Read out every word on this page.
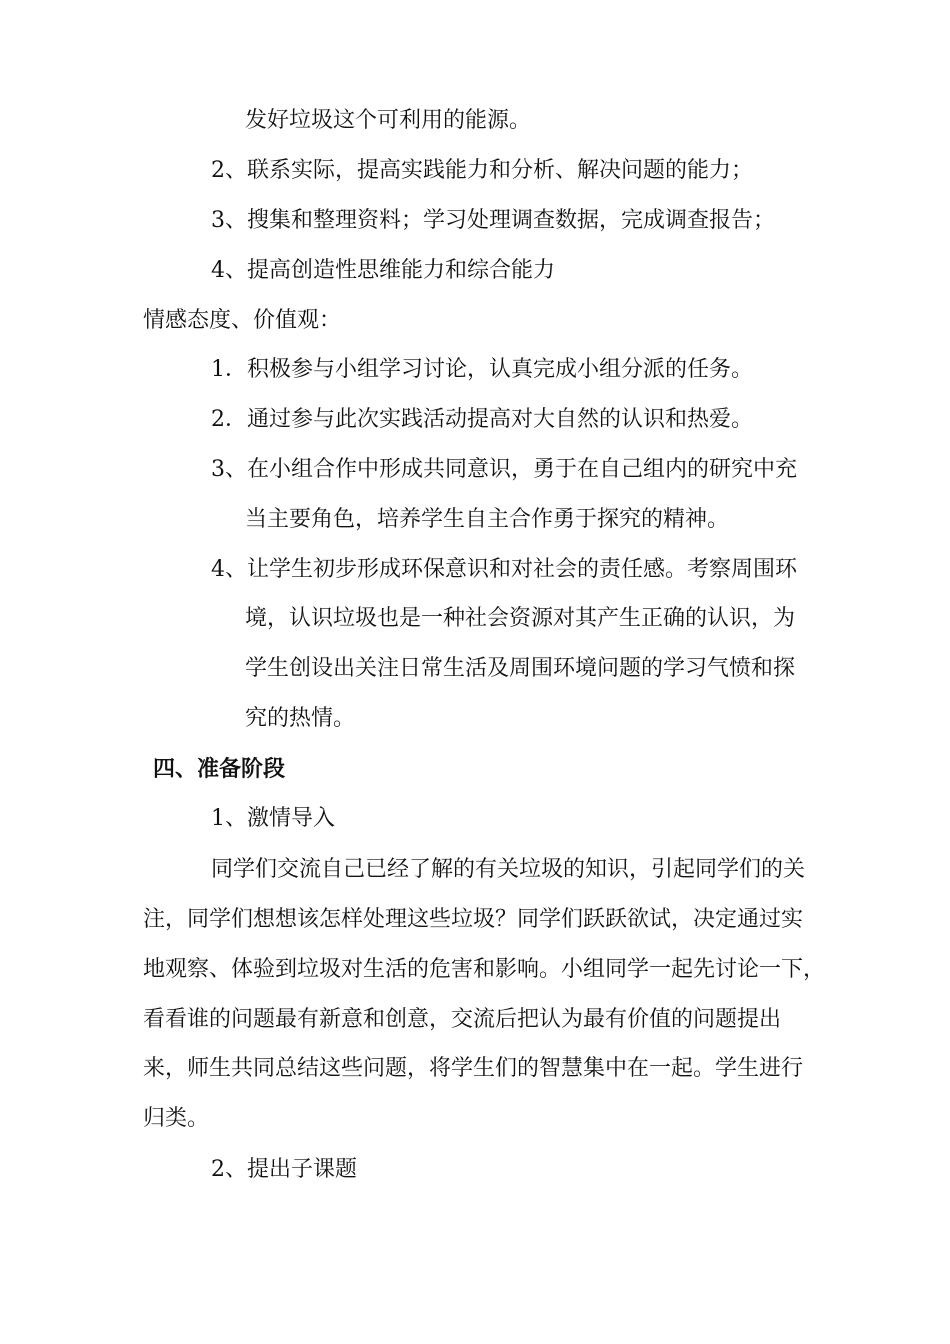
发好垃圾这个可利用的能源。
2、联系实际，提高实践能力和分析、解决问题的能力；
3、搜集和整理资料；学习处理调查数据，完成调查报告；
4、提高创造性思维能力和综合能力
情感态度、价值观：
1．积极参与小组学习讨论，认真完成小组分派的任务。
2．通过参与此次实践活动提高对大自然的认识和热爱。
3、在小组合作中形成共同意识，勇于在自己组内的研究中充
当主要角色，培养学生自主合作勇于探究的精神。
4、让学生初步形成环保意识和对社会的责任感。考察周围环
境，认识垃圾也是一种社会资源对其产生正确的认识，为
学生创设出关注日常生活及周围环境问题的学习气愤和探
究的热情。
四、准备阶段
1、激情导入
同学们交流自己已经了解的有关垃圾的知识，引起同学们的关
注，同学们想想该怎样处理这些垃圾？同学们跃跃欲试，决定通过实
地观察、体验到垃圾对生活的危害和影响。小组同学一起先讨论一下，
看看谁的问题最有新意和创意，交流后把认为最有价值的问题提出
来，师生共同总结这些问题，将学生们的智慧集中在一起。学生进行
归类。
2、提出子课题
